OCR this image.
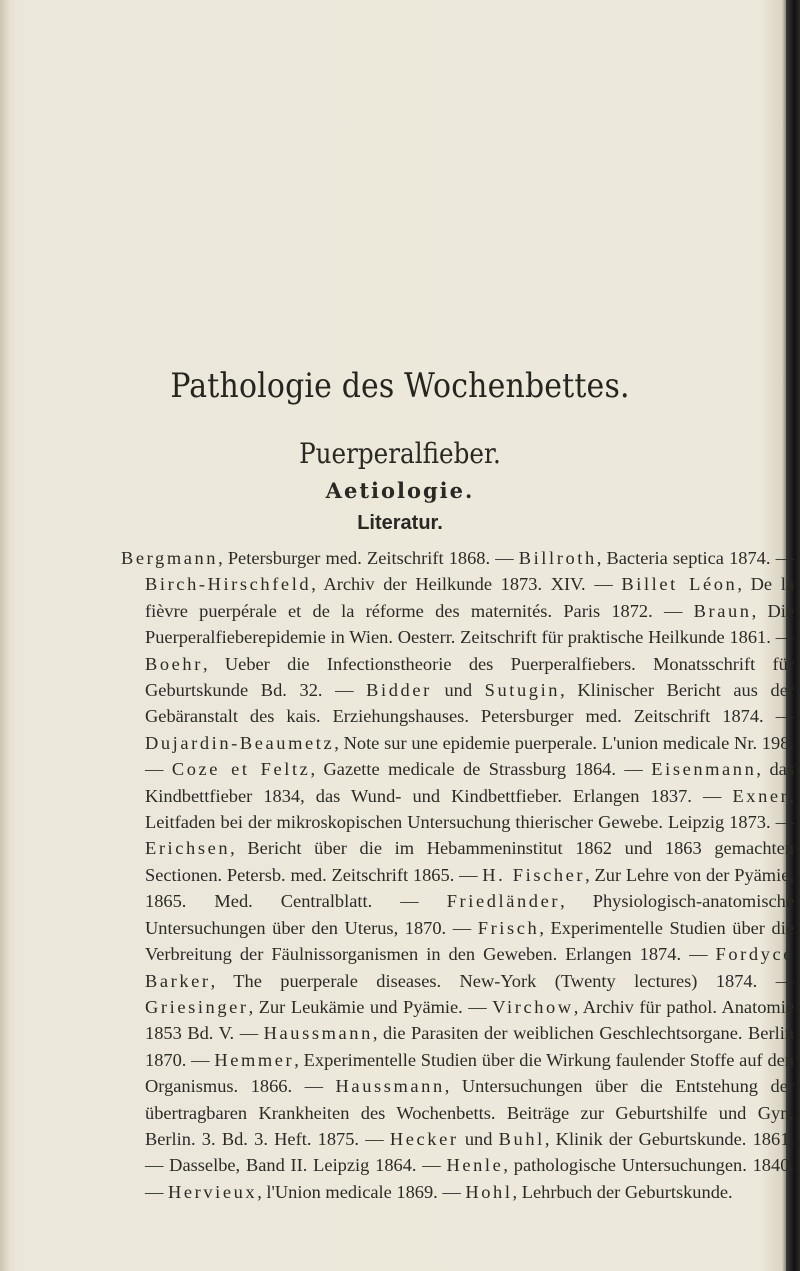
Pathologie des Wochenbettes.
Puerperalfieber.
Aetiologie.
Literatur.
Bergmann, Petersburger med. Zeitschrift 1868. — Billroth, Bacteria septica 1874. — Birch-Hirschfeld, Archiv der Heilkunde 1873. XIV. — Billet Léon, De la fièvre puerpérale et de la réforme des maternités. Paris 1872. — Braun, Die Puerperalfieberepidemie in Wien. Oesterr. Zeitschrift für praktische Heilkunde 1861. — Boehr, Ueber die Infectionstheorie des Puerperalfiebers. Monatsschrift für Geburtskunde Bd. 32. — Bidder und Sutugin, Klinischer Bericht aus der Gebäranstalt des kais. Erziehungshauses. Petersburger med. Zeitschrift 1874. — Dujardin-Beaumetz, Note sur une epidemie puerperale. L'union medicale Nr. 198. — Coze et Feltz, Gazette medicale de Strassburg 1864. — Eisenmann, das Kindbettfieber 1834, das Wund- und Kindbettfieber. Erlangen 1837. — Exner, Leitfaden bei der mikroskopischen Untersuchung thierischer Gewebe. Leipzig 1873. — Erichsen, Bericht über die im Hebammeninstitut 1862 und 1863 gemachten Sectionen. Petersb. med. Zeitschrift 1865. — H. Fischer, Zur Lehre von der Pyämie, 1865. Med. Centralblatt. — Friedländer, Physiologisch-anatomische Untersuchungen über den Uterus, 1870. — Frisch, Experimentelle Studien über die Verbreitung der Fäulnissorganismen in den Geweben. Erlangen 1874. — Fordyce Barker, The puerperale diseases. New-York (Twenty lectures) 1874. — Griesinger, Zur Leukämie und Pyämie. — Virchow, Archiv für pathol. Anatomie 1853 Bd. V. — Haussmann, die Parasiten der weiblichen Geschlechtsorgane. Berlin 1870. — Hemmer, Experimentelle Studien über die Wirkung faulender Stoffe auf den Organismus. 1866. — Haussmann, Untersuchungen über die Entstehung der übertragbaren Krankheiten des Wochenbetts. Beiträge zur Geburtshilfe und Gyn. Berlin. 3. Bd. 3. Heft. 1875. — Hecker und Buhl, Klinik der Geburtskunde. 1861. — Dasselbe, Band II. Leipzig 1864. — Henle, pathologische Untersuchungen. 1840. — Hervieux, l'Union medicale 1869. — Hohl, Lehrbuch der Geburtskunde.
